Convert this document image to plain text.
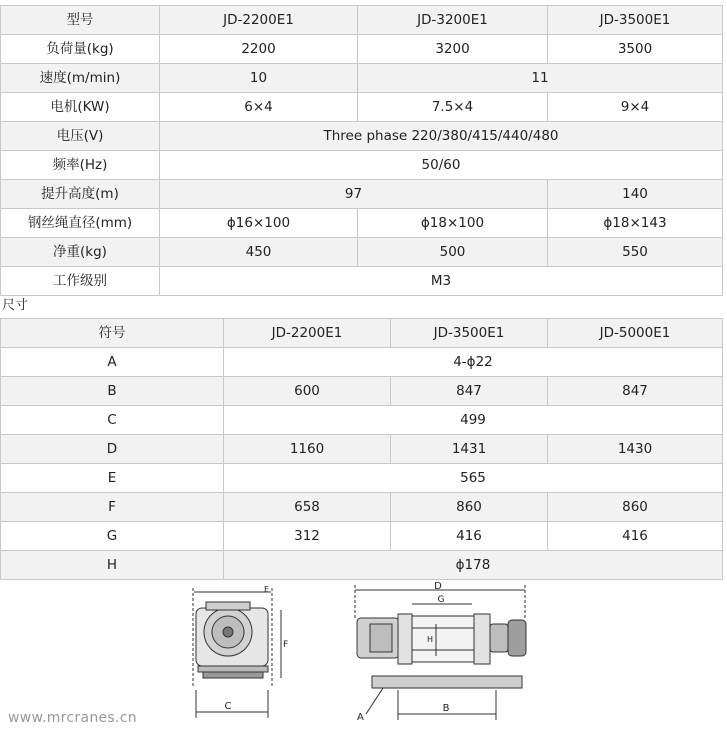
型号	JD-2200E1	JD-3200E1	JD-3500E1
负荷量(kg)	2200	3200	3500
速度(m/min)	10	11	
电机(KW)	6×4	7.5×4	9×4
电压(V)	Three phase 220/380/415/440/480		
频率(Hz)	50/60		
提升高度(m)	97		140
钢丝绳直径(mm)	ϕ16×100	ϕ18×100	ϕ18×143
净重(kg)	450	500	550
工作级别	M3		
尺寸
符号	JD-2200E1	JD-3500E1	JD-5000E1
A	4-ϕ22		
B	600	847	847
C	499		
D	1160	1431	1430
E	565		
F	658	860	860
G	312	416	416
H	ϕ178		
C
F
E	D
G
H
A
B
www.mrcranes.cn
